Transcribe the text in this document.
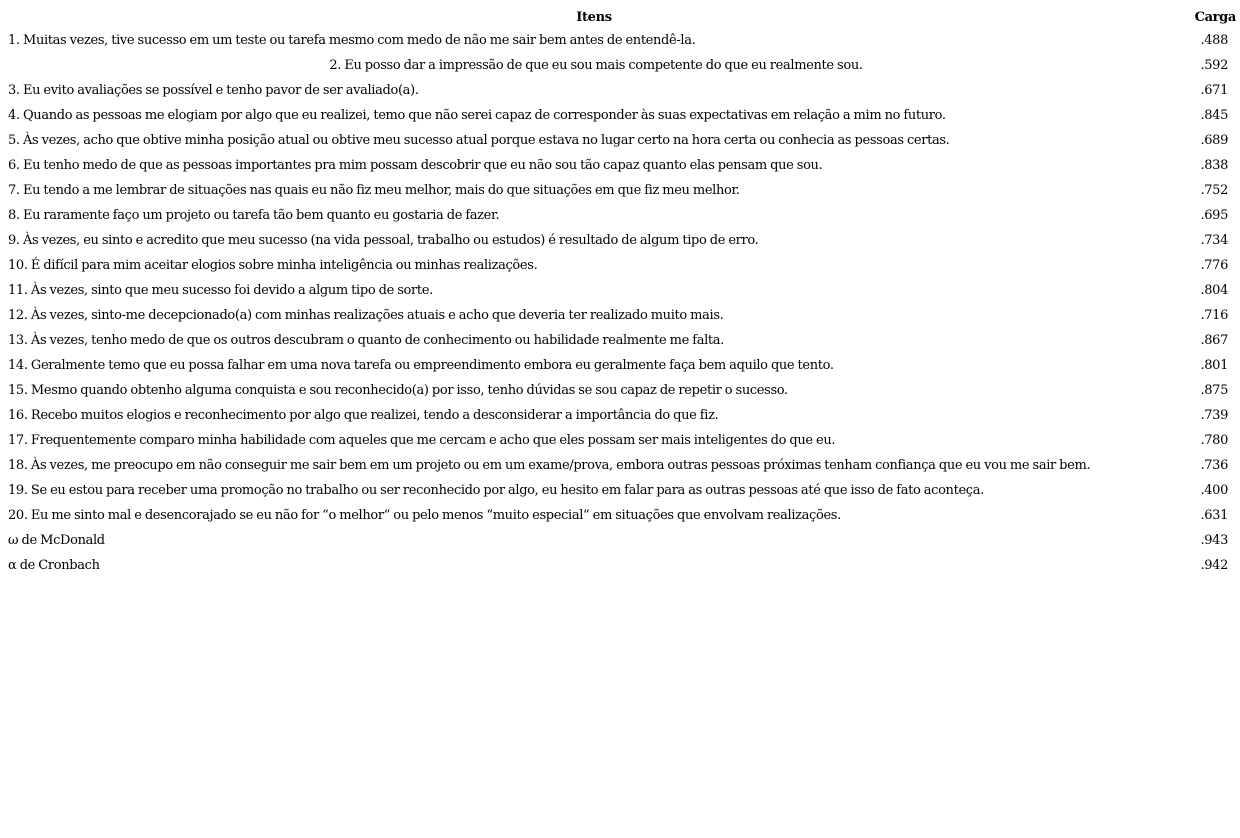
Itens	Carga
1. Muitas vezes, tive sucesso em um teste ou tarefa mesmo com medo de não me sair bem antes de entendê-la.	.488
2. Eu posso dar a impressão de que eu sou mais competente do que eu realmente sou.	.592
3. Eu evito avaliações se possível e tenho pavor de ser avaliado(a).	.671
4. Quando as pessoas me elogiam por algo que eu realizei, temo que não serei capaz de corresponder às suas expectativas em relação a mim no futuro.	.845
5. Às vezes, acho que obtive minha posição atual ou obtive meu sucesso atual porque estava no lugar certo na hora certa ou conhecia as pessoas certas.	.689
6. Eu tenho medo de que as pessoas importantes pra mim possam descobrir que eu não sou tão capaz quanto elas pensam que sou.	.838
7. Eu tendo a me lembrar de situações nas quais eu não fiz meu melhor, mais do que situações em que fiz meu melhor.	.752
8. Eu raramente faço um projeto ou tarefa tão bem quanto eu gostaria de fazer.	.695
9. Às vezes, eu sinto e acredito que meu sucesso (na vida pessoal, trabalho ou estudos) é resultado de algum tipo de erro.	.734
10. É difícil para mim aceitar elogios sobre minha inteligência ou minhas realizações.	.776
11. Às vezes, sinto que meu sucesso foi devido a algum tipo de sorte.	.804
12. Às vezes, sinto-me decepcionado(a) com minhas realizações atuais e acho que deveria ter realizado muito mais.	.716
13. Às vezes, tenho medo de que os outros descubram o quanto de conhecimento ou habilidade realmente me falta.	.867
14. Geralmente temo que eu possa falhar em uma nova tarefa ou empreendimento embora eu geralmente faça bem aquilo que tento.	.801
15. Mesmo quando obtenho alguma conquista e sou reconhecido(a) por isso, tenho dúvidas se sou capaz de repetir o sucesso.	.875
16. Recebo muitos elogios e reconhecimento por algo que realizei, tendo a desconsiderar a importância do que fiz.	.739
17. Frequentemente comparo minha habilidade com aqueles que me cercam e acho que eles possam ser mais inteligentes do que eu.	.780
18. Às vezes, me preocupo em não conseguir me sair bem em um projeto ou em um exame/prova, embora outras pessoas próximas tenham confiança que eu vou me sair bem.	.736
19. Se eu estou para receber uma promoção no trabalho ou ser reconhecido por algo, eu hesito em falar para as outras pessoas até que isso de fato aconteça.	.400
20. Eu me sinto mal e desencorajado se eu não for “o melhor” ou pelo menos “muito especial” em situações que envolvam realizações.	.631
ω de McDonald	.943
α de Cronbach	.942
